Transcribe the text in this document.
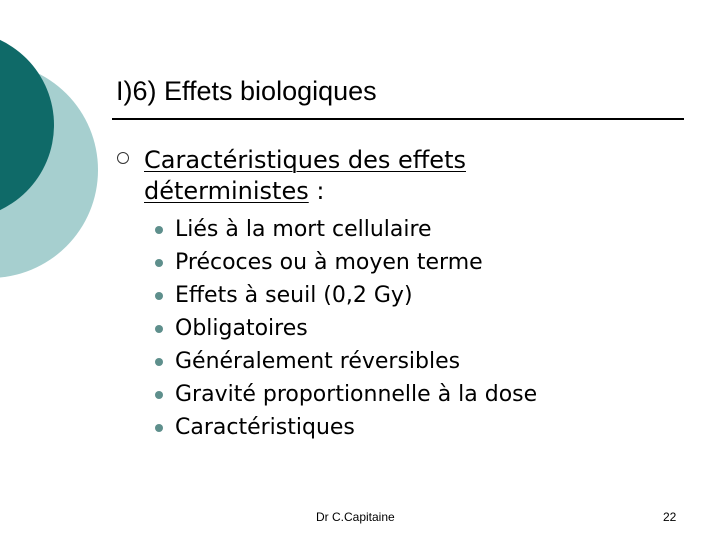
I)6) Effets biologiques
Caractéristiques des effets
déterministes :
Liés à la mort cellulaire
Précoces ou à moyen terme
Effets à seuil (0,2 Gy)
Obligatoires
Généralement réversibles
Gravité proportionnelle à la dose
Caractéristiques
Dr C.Capitaine	22
